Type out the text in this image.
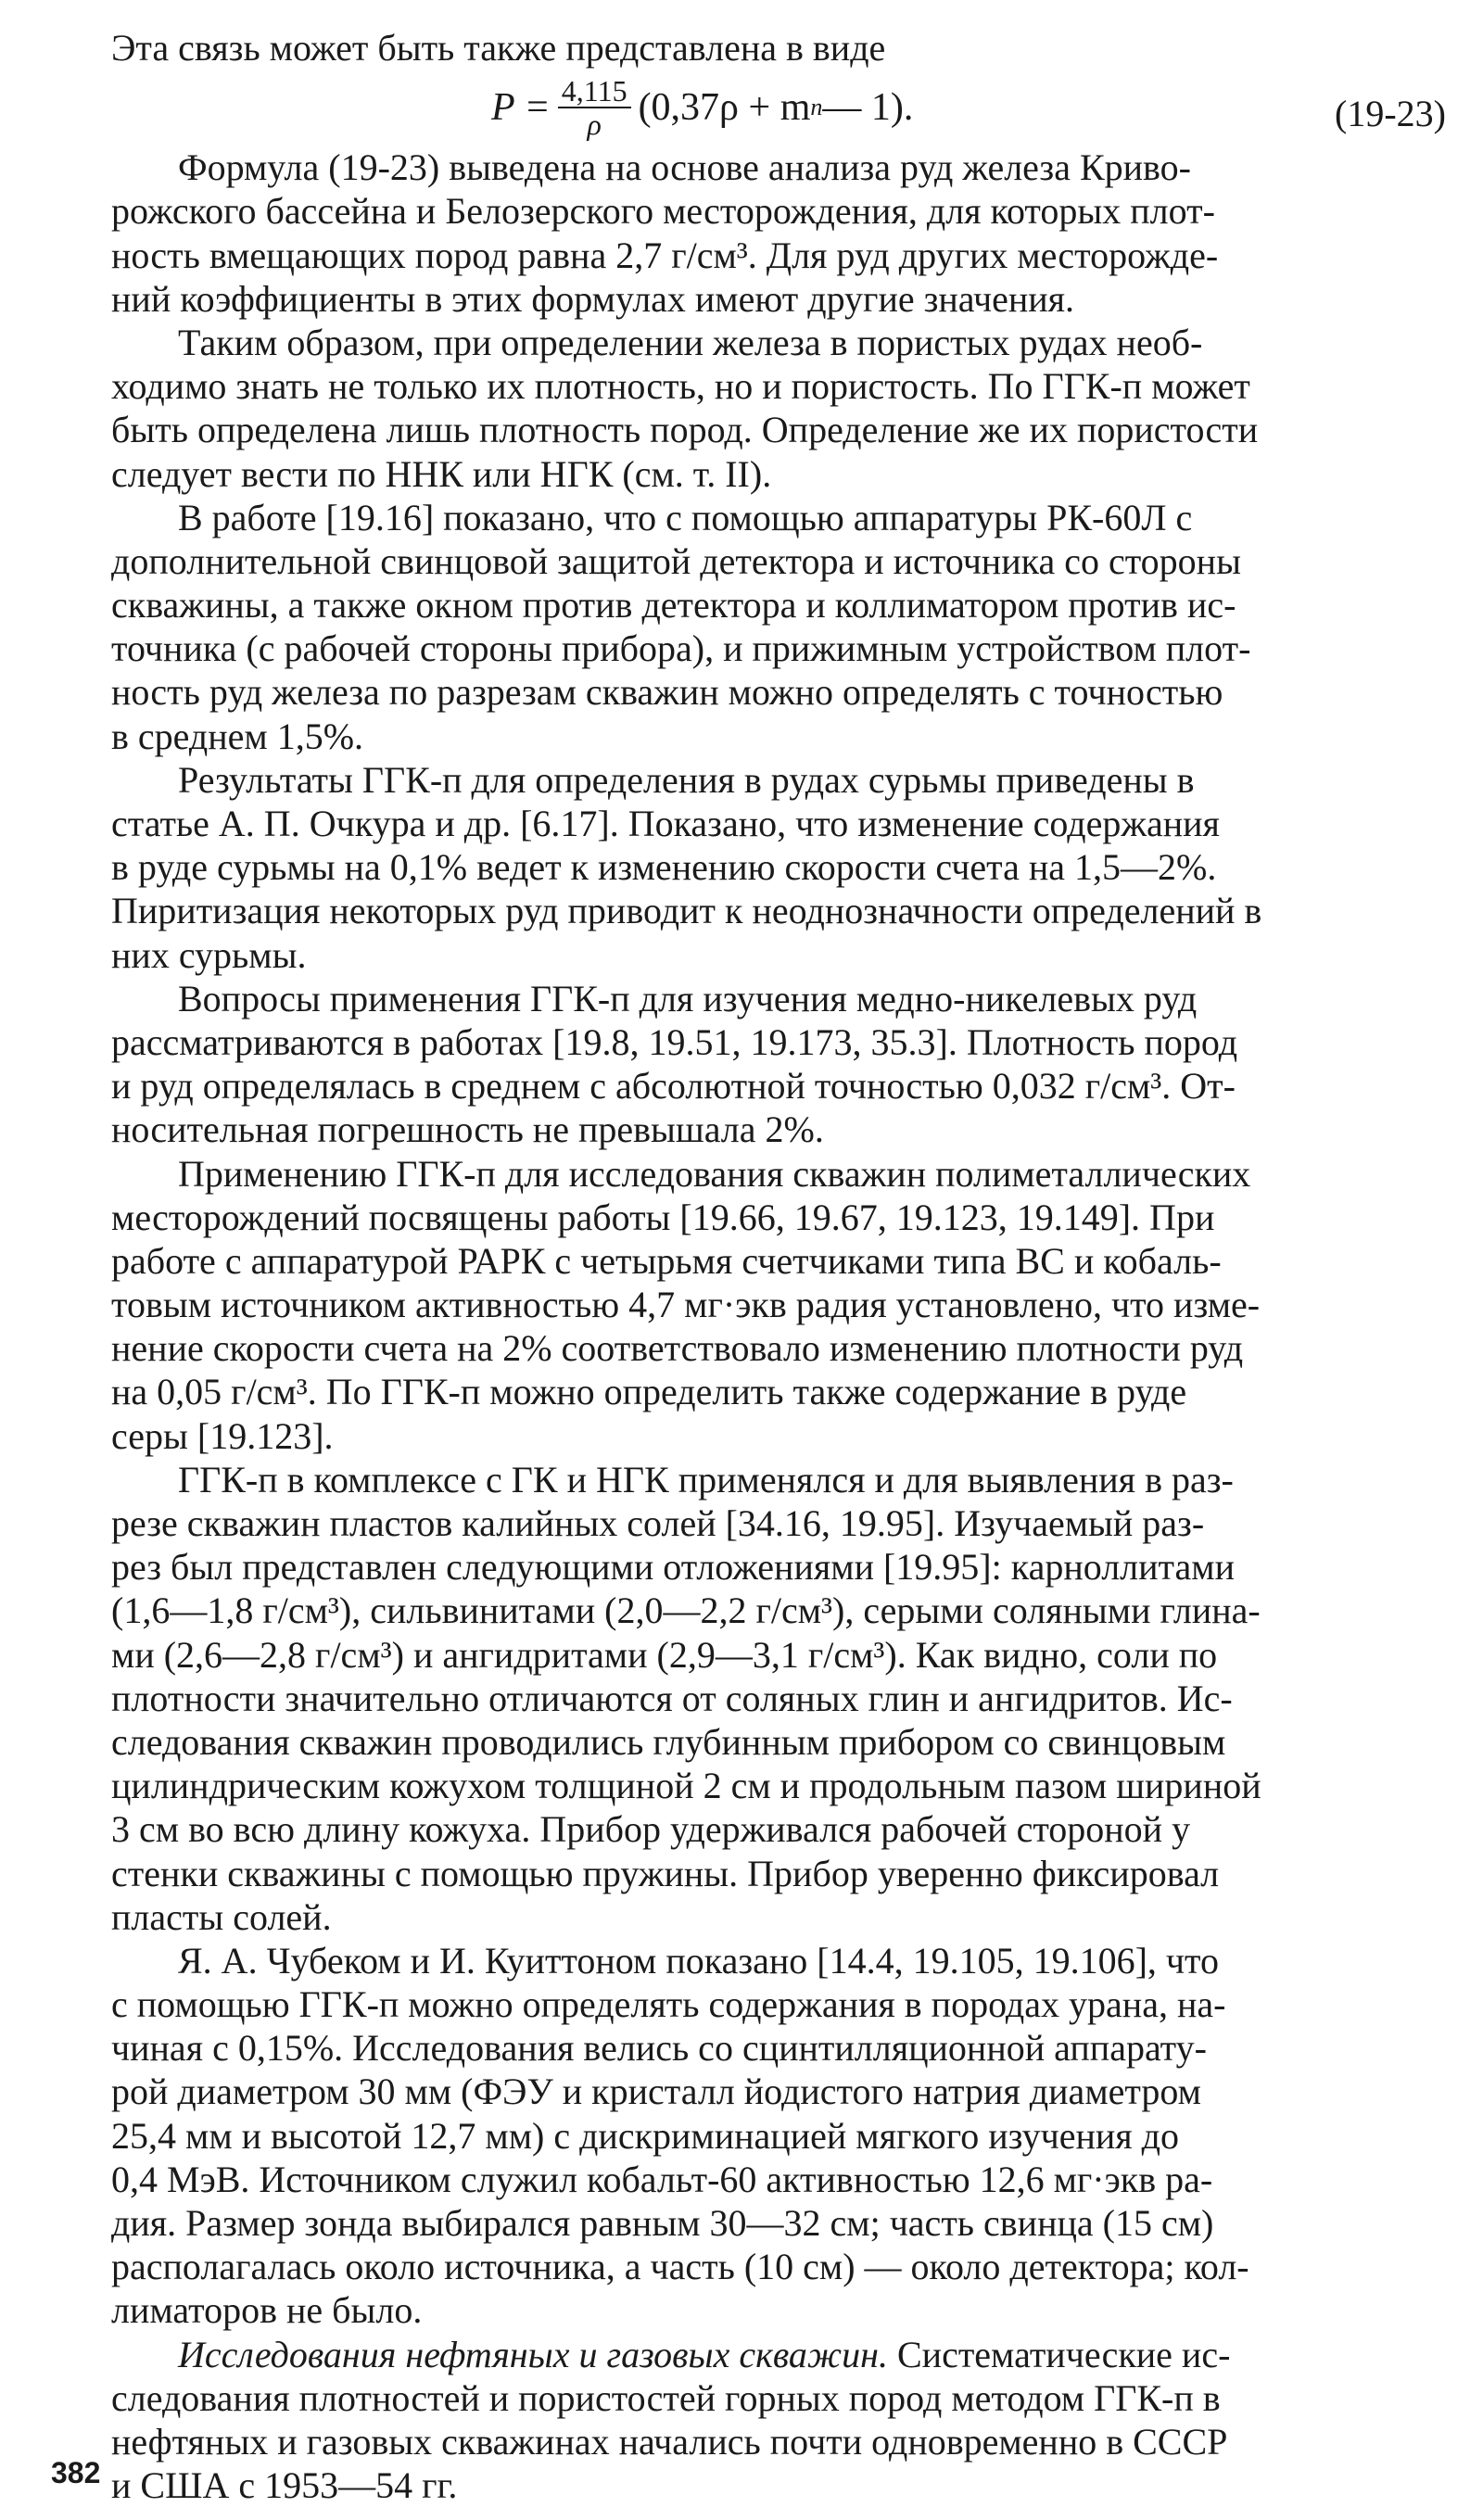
Эта связь может быть также представлена в виде
$P = \frac{4,115}{\rho} (0,37\rho + m$ п — 1).	(19-23)
Формула (19-23) выведена на основе анализа руд железа Криво-
рожского бассейна и Белозерского месторождения, для которых плот-
ность вмещающих пород равна 2,7 г/см³. Для руд других месторожде-
ний коэффициенты в этих формулах имеют другие значения.
Таким образом, при определении железа в пористых рудах необ-
ходимо знать не только их плотность, но и пористость. По ГГК-п может
быть определена лишь плотность пород. Определение же их пористости
следует вести по ННК или НГК (см. т. II).
В работе [19.16] показано, что с помощью аппаратуры РК-60Л с
дополнительной свинцовой защитой детектора и источника со стороны
скважины, а также окном против детектора и коллиматором против ис-
точника (с рабочей стороны прибора), и прижимным устройством плот-
ность руд железа по разрезам скважин можно определять с точностью
в среднем 1,5%.
Результаты ГГК-п для определения в рудах сурьмы приведены в
статье А. П. Очкура и др. [6.17]. Показано, что изменение содержания
в руде сурьмы на 0,1% ведет к изменению скорости счета на 1,5—2%.
Пиритизация некоторых руд приводит к неоднозначности определений в
них сурьмы.
Вопросы применения ГГК-п для изучения медно-никелевых руд
рассматриваются в работах [19.8, 19.51, 19.173, 35.3]. Плотность пород
и руд определялась в среднем с абсолютной точностью 0,032 г/см³. От-
носительная погрешность не превышала 2%.
Применению ГГК-п для исследования скважин полиметаллических
месторождений посвящены работы [19.66, 19.67, 19.123, 19.149]. При
работе с аппаратурой РАРК с четырьмя счетчиками типа ВС и кобаль-
товым источником активностью 4,7 мг·экв радия установлено, что изме-
нение скорости счета на 2% соответствовало изменению плотности руд
на 0,05 г/см³. По ГГК-п можно определить также содержание в руде
серы [19.123].
ГГК-п в комплексе с ГК и НГК применялся и для выявления в раз-
резе скважин пластов калийных солей [34.16, 19.95]. Изучаемый раз-
рез был представлен следующими отложениями [19.95]: карноллитами
(1,6—1,8 г/см³), сильвинитами (2,0—2,2 г/см³), серыми соляными глина-
ми (2,6—2,8 г/см³) и ангидритами (2,9—3,1 г/см³). Как видно, соли по
плотности значительно отличаются от соляных глин и ангидритов. Ис-
следования скважин проводились глубинным прибором со свинцовым
цилиндрическим кожухом толщиной 2 см и продольным пазом шириной
3 см во всю длину кожуха. Прибор удерживался рабочей стороной у
стенки скважины с помощью пружины. Прибор уверенно фиксировал
пласты солей.
Я. А. Чубеком и И. Куиттоном показано [14.4, 19.105, 19.106], что
с помощью ГГК-п можно определять содержания в породах урана, на-
чиная с 0,15%. Исследования велись со сцинтилляционной аппарату-
рой диаметром 30 мм (ФЭУ и кристалл йодистого натрия диаметром
25,4 мм и высотой 12,7 мм) с дискриминацией мягкого изучения до
0,4 МэВ. Источником служил кобальт-60 активностью 12,6 мг·экв ра-
дия. Размер зонда выбирался равным 30—32 см; часть свинца (15 см)
располагалась около источника, а часть (10 см) — около детектора; кол-
лиматоров не было.
Исследования нефтяных и газовых скважин. Систематические ис-
следования плотностей и пористостей горных пород методом ГГК-п в
нефтяных и газовых скважинах начались почти одновременно в СССР
и США с 1953—54 гг.
382
